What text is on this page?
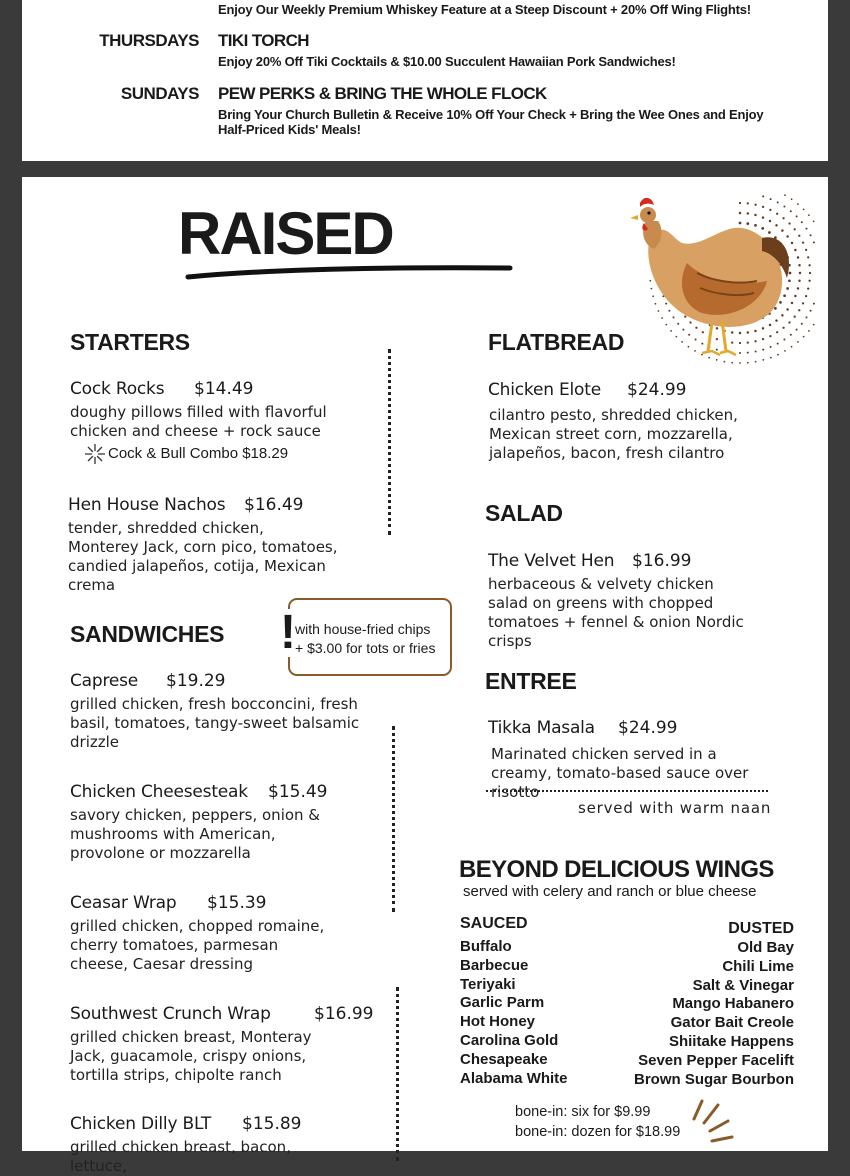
Enjoy Our Weekly Premium Whiskey Feature at a Steep Discount + 20% Off Wing Flights!
THURSDAYS TIKI TORCH
Enjoy 20% Off Tiki Cocktails & $10.00 Succulent Hawaiian Pork Sandwiches!
SUNDAYS PEW PERKS & BRING THE WHOLE FLOCK
Bring Your Church Bulletin & Receive 10% Off Your Check + Bring the Wee Ones and Enjoy Half-Priced Kids' Meals!
RAISED
STARTERS
Cock Rocks $14.49
doughy pillows filled with flavorful chicken and cheese + rock sauce
Cock & Bull Combo $18.29
Hen House Nachos $16.49
tender, shredded chicken, Monterey Jack, corn pico, tomatoes, candied jalapeños, cotija, Mexican crema
SANDWICHES ! with house-fried chips
+ $3.00 for tots or fries
Caprese $19.29
grilled chicken, fresh bocconcini, fresh basil, tomatoes, tangy-sweet balsamic drizzle
Chicken Cheesesteak $15.49
savory chicken, peppers, onion & mushrooms with American, provolone or mozzarella
Ceasar Wrap $15.39
grilled chicken, chopped romaine, cherry tomatoes, parmesan cheese, Caesar dressing
Southwest Crunch Wrap	$16.99
grilled chicken breast, Monteray Jack, guacamole, crispy onions, tortilla strips, chipolte ranch
Chicken Dilly BLT $15.89
grilled chicken breast, bacon, lettuce,
FLATBREAD
Chicken Elote $24.99
cilantro pesto, shredded chicken, Mexican street corn, mozzarella, jalapeños, bacon, fresh cilantro
SALAD
The Velvet Hen $16.99
herbaceous & velvety chicken salad on greens with chopped tomatoes + fennel & onion Nordic crisps
ENTREE
Tikka Masala $24.99
Marinated chicken served in a creamy, tomato-based sauce over risotto
served with warm naan
BEYOND DELICIOUS WINGS
served with celery and ranch or blue cheese
SAUCED
Buffalo
Barbecue
Teriyaki
Garlic Parm
Hot Honey
Carolina Gold
Chesapeake
Alabama White
DUSTED
Old Bay
Chili Lime
Salt & Vinegar
Mango Habanero
Gator Bait Creole
Shiitake Happens
Seven Pepper Facelift
Brown Sugar Bourbon
bone-in: six for $9.99
bone-in: dozen for $18.99
